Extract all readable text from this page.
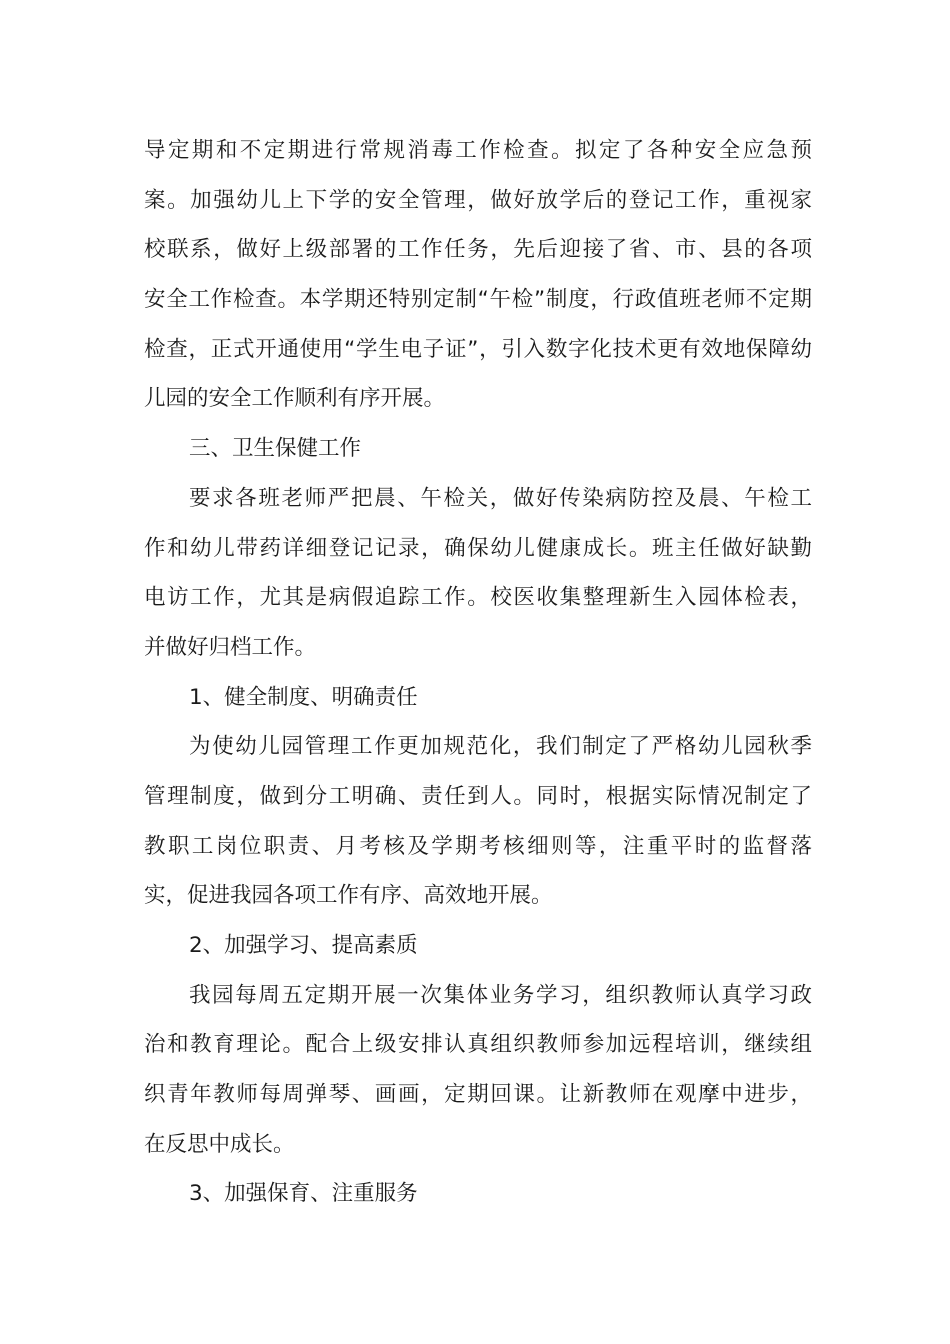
导定期和不定期进行常规消毒工作检查。拟定了各种安全应急预
案。加强幼儿上下学的安全管理，做好放学后的登记工作，重视家
校联系，做好上级部署的工作任务，先后迎接了省、市、县的各项
安全工作检查。本学期还特别定制“午检”制度，行政值班老师不定期
检查，正式开通使用“学生电子证”，引入数字化技术更有效地保障幼
儿园的安全工作顺利有序开展。
三、卫生保健工作
要求各班老师严把晨、午检关，做好传染病防控及晨、午检工
作和幼儿带药详细登记记录，确保幼儿健康成长。班主任做好缺勤
电访工作，尤其是病假追踪工作。校医收集整理新生入园体检表，
并做好归档工作。
1、健全制度、明确责任
为使幼儿园管理工作更加规范化，我们制定了严格幼儿园秋季
管理制度，做到分工明确、责任到人。同时，根据实际情况制定了
教职工岗位职责、月考核及学期考核细则等，注重平时的监督落
实，促进我园各项工作有序、高效地开展。
2、加强学习、提高素质
我园每周五定期开展一次集体业务学习，组织教师认真学习政
治和教育理论。配合上级安排认真组织教师参加远程培训，继续组
织青年教师每周弹琴、画画，定期回课。让新教师在观摩中进步，
在反思中成长。
3、加强保育、注重服务
